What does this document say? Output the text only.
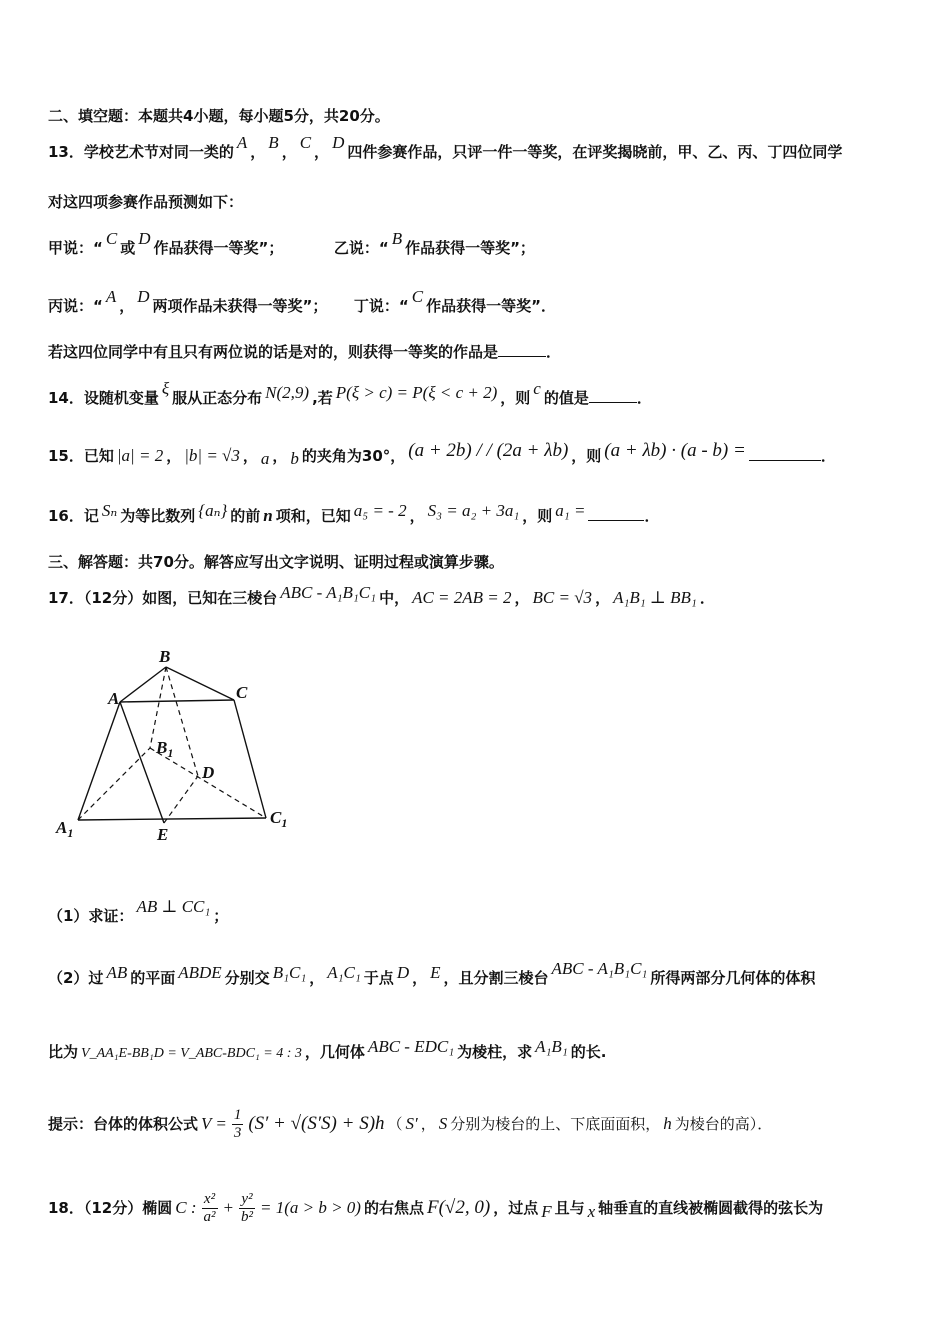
二、填空题：本题共4小题，每小题5分，共20分。
13．学校艺术节对同一类的 A ， B ， C ， D 四件参赛作品，只评一件一等奖，在评奖揭晓前，甲、乙、丙、丁四位同学
对这四项参赛作品预测如下：
甲说：“ C 或 D 作品获得一等奖”；	乙说：“ B 作品获得一等奖”；
丙说：“ A ， D 两项作品未获得一等奖”； 丁说：“ C 作品获得一等奖”．
若这四位同学中有且只有两位说的话是对的，则获得一等奖的作品是	．
14．设随机变量 ξ 服从正态分布 N(2,9) ,若 P(ξ > c) = P(ξ < c + 2) ，则 c 的值是	．
15．已知 |a| = 2 ， |b| = √3 ， a ， b 的夹角为30°， (a + 2b) / / (2a + λb) ，则 (a + λb) · (a - b) =	．
16．记 Sₙ 为等比数列 {aₙ} 的前 n 项和，已知 a₅ = - 2 ， S₃ = a₂ + 3a₁ ，则 a₁ =	．
三、解答题：共70分。解答应写出文字说明、证明过程或演算步骤。
17．（12分）如图，已知在三棱台 ABC - A₁B₁C₁ 中， AC = 2AB = 2 ， BC = √3 ， A₁B₁ ⊥ BB₁ ．
B
A	C
$B_1$
D
$A_1$	E
$C_1$
（1）求证： AB ⊥ CC₁ ；
（2）过 AB 的平面 ABDE 分别交 B₁C₁ ， A₁C₁ 于点 D ， E ，且分割三棱台 ABC - A₁B₁C₁ 所得两部分几何体的体积
比为 V_AA₁E-BB₁D = V_ABC-BDC₁ = 4 : 3 ，几何体 ABC - EDC₁ 为棱柱，求 A₁B₁ 的长.
提示：台体的体积公式 $V = \frac{1}{3} (S' + √(S'S) + S)h$ （ S′ ， S 分别为棱台的上、下底面面积， h 为棱台的高）．
18．（12分）椭圆 C : $\frac{\text{x²}}{\text{a²}} + \frac{\text{y²}}{\text{b²}} = 1(a > b > 0)$ 的右焦点 F(√2, 0) ，过点 F 且与 x 轴垂直的直线被椭圆截得的弦长为
